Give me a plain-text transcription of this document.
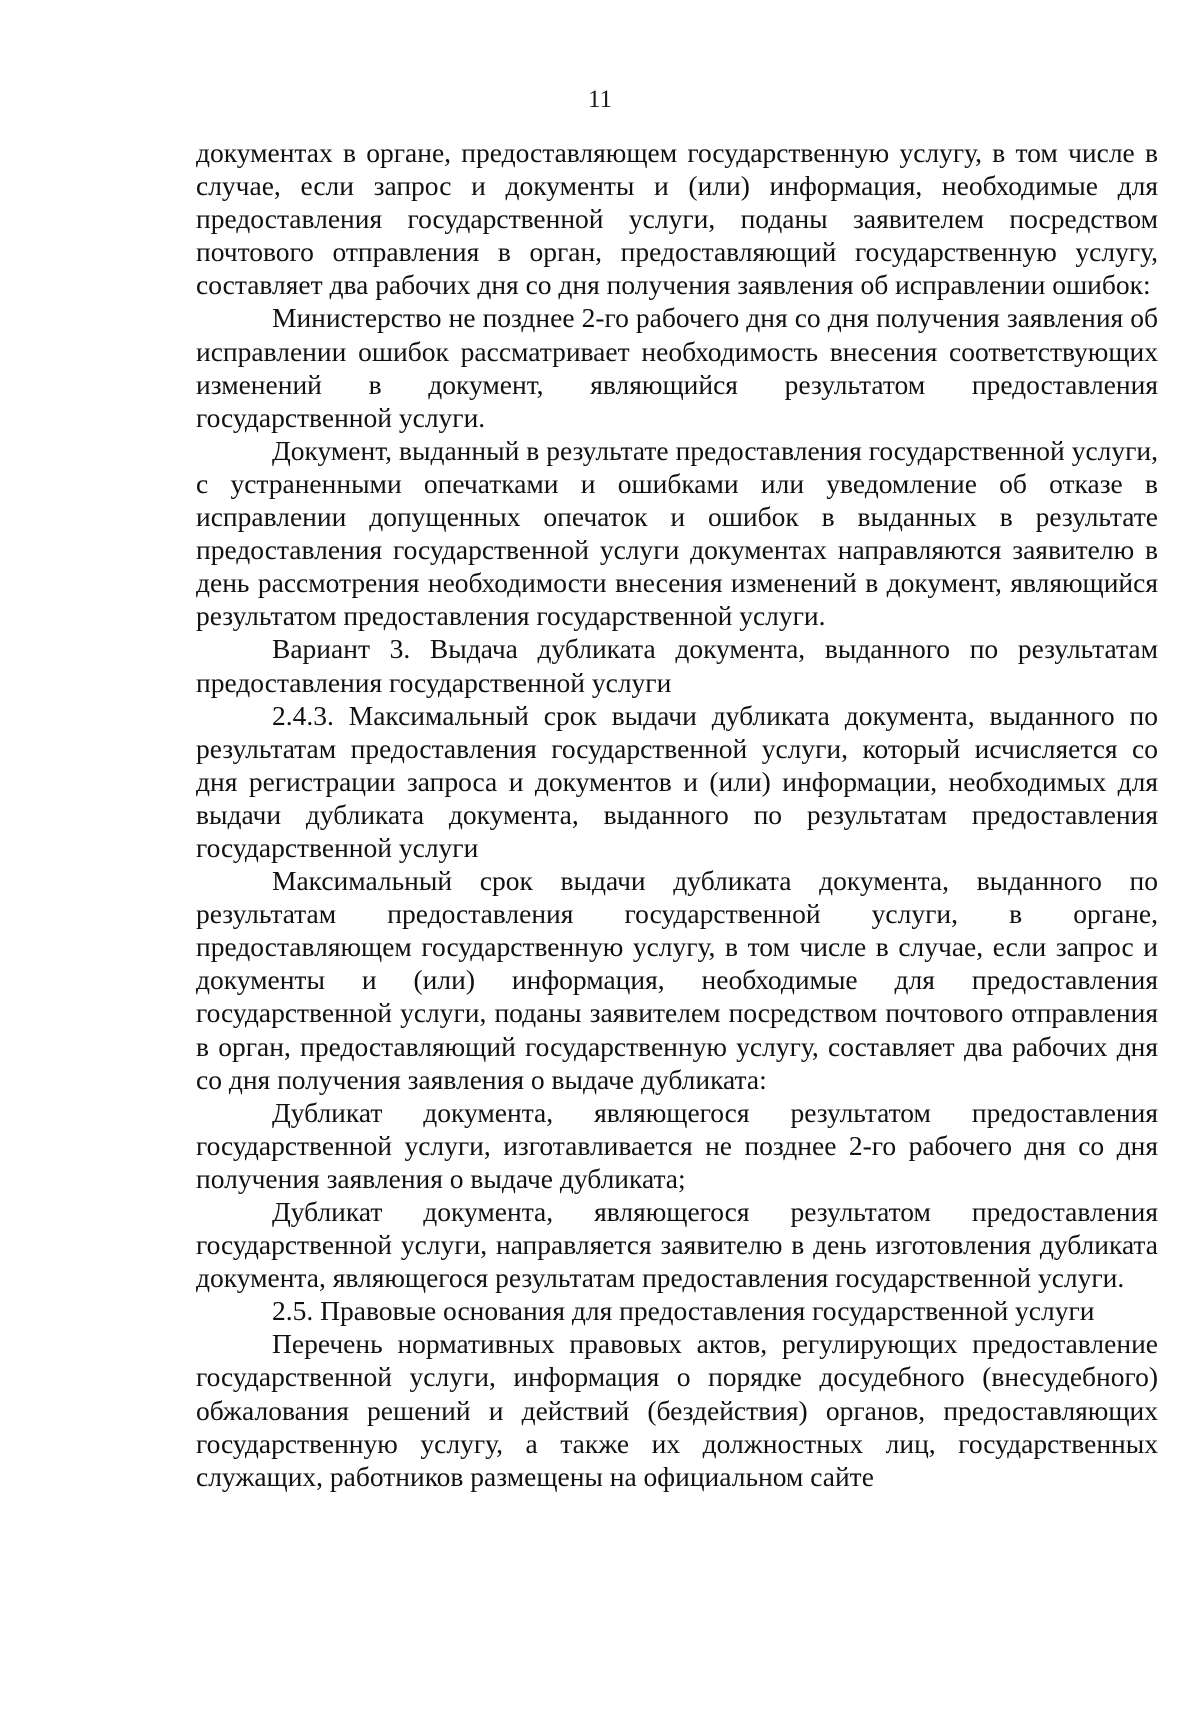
11

документах в органе, предоставляющем государственную услугу, в том числе в случае, если запрос и документы и (или) информация, необходимые для предоставления государственной услуги, поданы заявителем посредством почтового отправления в орган, предоставляющий государственную услугу, составляет два рабочих дня со дня получения заявления об исправлении ошибок:

Министерство не позднее 2-го рабочего дня со дня получения заявления об исправлении ошибок рассматривает необходимость внесения соответствующих изменений в документ, являющийся результатом предоставления государственной услуги.

Документ, выданный в результате предоставления государственной услуги, с устраненными опечатками и ошибками или уведомление об отказе в исправлении допущенных опечаток и ошибок в выданных в результате предоставления государственной услуги документах направляются заявителю в день рассмотрения необходимости внесения изменений в документ, являющийся результатом предоставления государственной услуги.

Вариант 3. Выдача дубликата документа, выданного по результатам предоставления государственной услуги

2.4.3. Максимальный срок выдачи дубликата документа, выданного по результатам предоставления государственной услуги, который исчисляется со дня регистрации запроса и документов и (или) информации, необходимых для выдачи дубликата документа, выданного по результатам предоставления государственной услуги

Максимальный срок выдачи дубликата документа, выданного по результатам предоставления государственной услуги, в органе, предоставляющем государственную услугу, в том числе в случае, если запрос и документы и (или) информация, необходимые для предоставления государственной услуги, поданы заявителем посредством почтового отправления в орган, предоставляющий государственную услугу, составляет два рабочих дня со дня получения заявления о выдаче дубликата:

Дубликат документа, являющегося результатом предоставления государственной услуги, изготавливается не позднее 2-го рабочего дня со дня получения заявления о выдаче дубликата;

Дубликат документа, являющегося результатом предоставления государственной услуги, направляется заявителю в день изготовления дубликата документа, являющегося результатам предоставления государственной услуги.

2.5. Правовые основания для предоставления государственной услуги

Перечень нормативных правовых актов, регулирующих предоставление государственной услуги, информация о порядке досудебного (внесудебного) обжалования решений и действий (бездействия) органов, предоставляющих государственную услугу, а также их должностных лиц, государственных служащих, работников размещены на официальном сайте
